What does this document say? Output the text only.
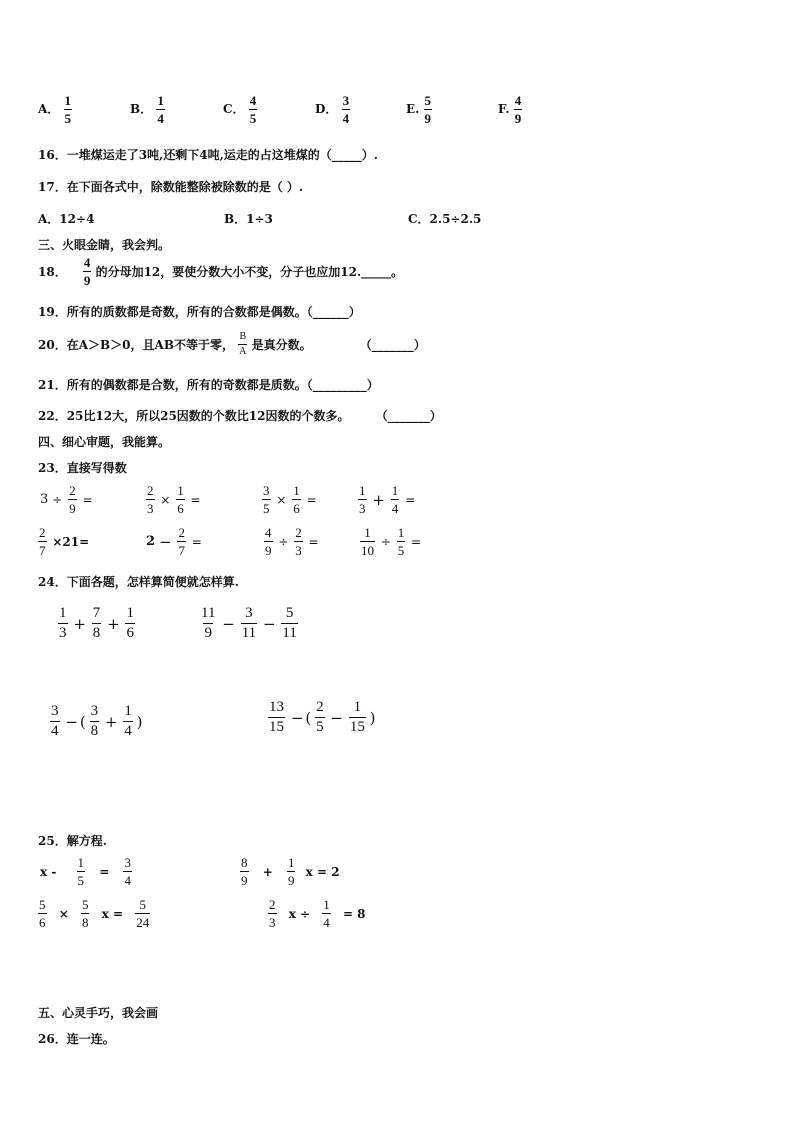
A． $\frac{1}{5}$	B． $\frac{1}{4}$	C． $\frac{4}{5}$	D． $\frac{3}{4}$	E. $\frac{5}{9}$	F. $\frac{4}{9}$
16．一堆煤运走了3吨,还剩下4吨,运走的占这堆煤的（_____）.
17．在下面各式中，除数能整除被除数的是（ ）.
A．12÷4	B．1÷3	C．2.5÷2.5
三、火眼金睛，我会判。
18． $\frac{4}{9}$ 的分母加12，要使分数大小不变，分子也应加12._____。
19．所有的质数都是奇数，所有的合数都是偶数。（______）
20．在A＞B＞0，且AB不等于零， $\frac{B}{A}$ 是真分数。	（_______）
21．所有的偶数都是合数，所有的奇数都是质数。（_________）
22．25比12大，所以25因数的个数比12因数的个数多。 （_______）
四、细心审题，我能算。
23．直接写得数
$3 \div \frac{2}{9}$ =	$\frac{2}{3} \times \frac{1}{6}$ =	$\frac{3}{5} \times \frac{1}{6}$ =	$\frac{1}{3} + \frac{1}{4}$ =
$\frac{2}{7} \times 21=$	$2 - \frac{2}{7}$ =	$\frac{4}{9} \div \frac{2}{3}$ =	$\frac{1}{10} \div \frac{1}{5}$ =
24．下面各题，怎样算简便就怎样算.
$\frac{1}{3} + \frac{7}{8} + \frac{1}{6}$	$\frac{11}{9} - \frac{3}{11} - \frac{5}{11}$
$\frac{3}{4}$ − ( $\frac{3}{8} + \frac{1}{4}$ )	$\frac{13}{15}$ − ( $\frac{2}{5} - \frac{1}{15}$ )
25．解方程.
$x - \frac{1}{5} = \frac{3}{4}$	$\frac{8}{9} + \frac{1}{9}$ x = 2
$\frac{5}{6} \times \frac{5}{8}$ $x = \frac{5}{24}$	$\frac{2}{3}$ $x \div \frac{1}{4} = 8$
五、心灵手巧，我会画
26．连一连。
